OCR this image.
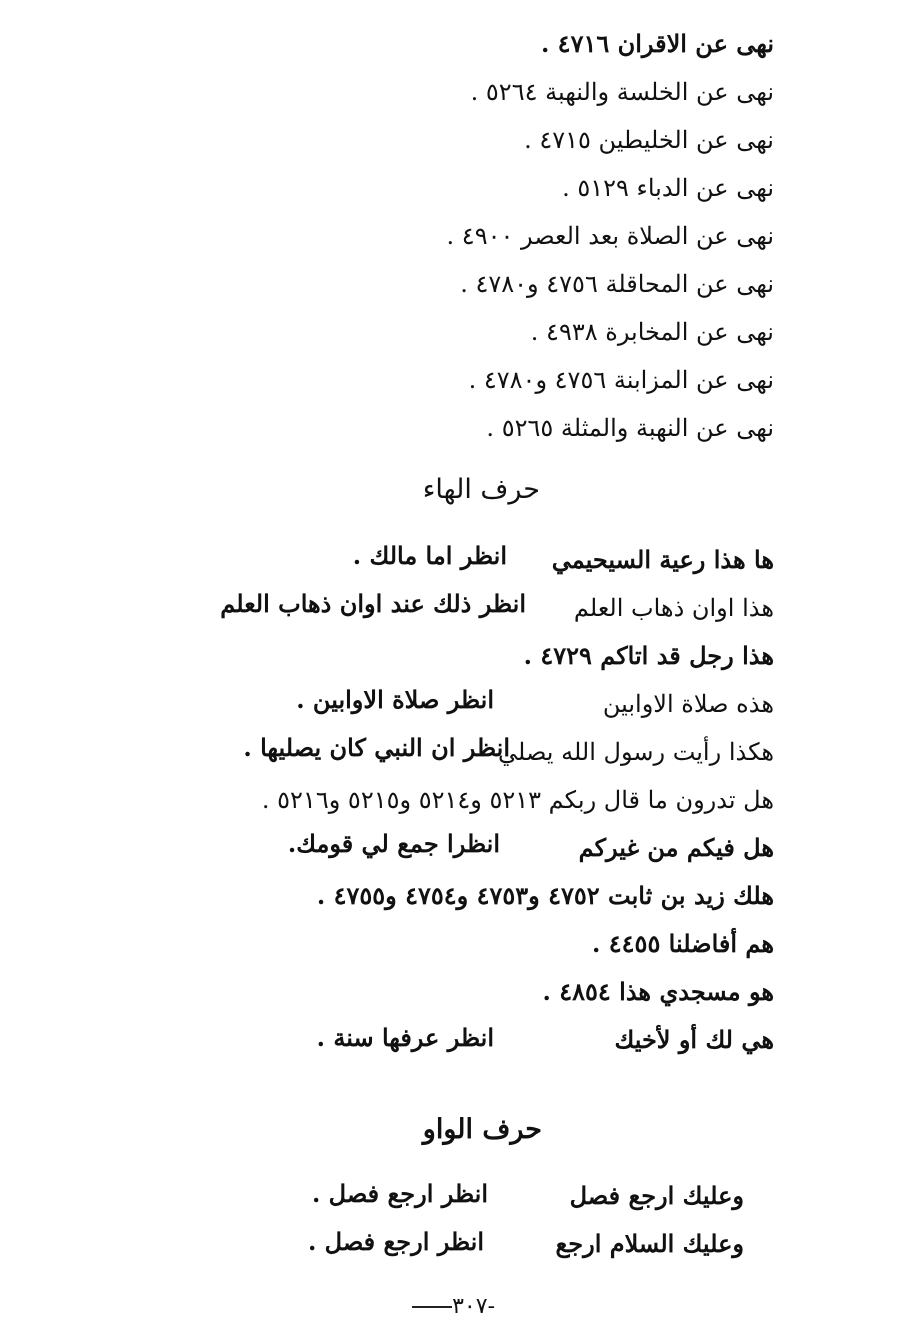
نهى عن الاقران ٤٧١٦ .
نهى عن الخلسة والنهبة ٥٢٦٤ .
نهى عن الخليطين ٤٧١٥ .
نهى عن الدباء ٥١٢٩ .
نهى عن الصلاة بعد العصر ٤٩٠٠ .
نهى عن المحاقلة ٤٧٥٦ و٤٧٨٠ .
نهى عن المخابرة ٤٩٣٨ .
نهى عن المزابنة ٤٧٥٦ و٤٧٨٠ .
نهى عن النهبة والمثلة ٥٢٦٥ .
حرف الهاء
ها هذا رعية السيحيمي
انظر اما مالك .
هذا اوان ذهاب العلم
انظر ذلك عند اوان ذهاب العلم
هذا رجل قد اتاكم ٤٧٢٩ .
هذه صلاة الاوابين
انظر صلاة الاوابين .
هكذا رأيت رسول الله يصلي
انظر ان النبي كان يصليها .
هل تدرون ما قال ربكم ٥٢١٣ و٥٢١٤ و٥٢١٥ و٥٢١٦ .
هل فيكم من غيركم
انظرا جمع لي قومك.
هلك زيد بن ثابت ٤٧٥٢ و٤٧٥٣ و٤٧٥٤ و٤٧٥٥ .
هم أفاضلنا ٤٤٥٥ .
هو مسجدي هذا ٤٨٥٤ .
هي لك أو لأخيك
انظر عرفها سنة .
حرف الواو
وعليك ارجع فصل
انظر ارجع فصل .
وعليك السلام ارجع
انظر ارجع فصل .
-٣٠٧
